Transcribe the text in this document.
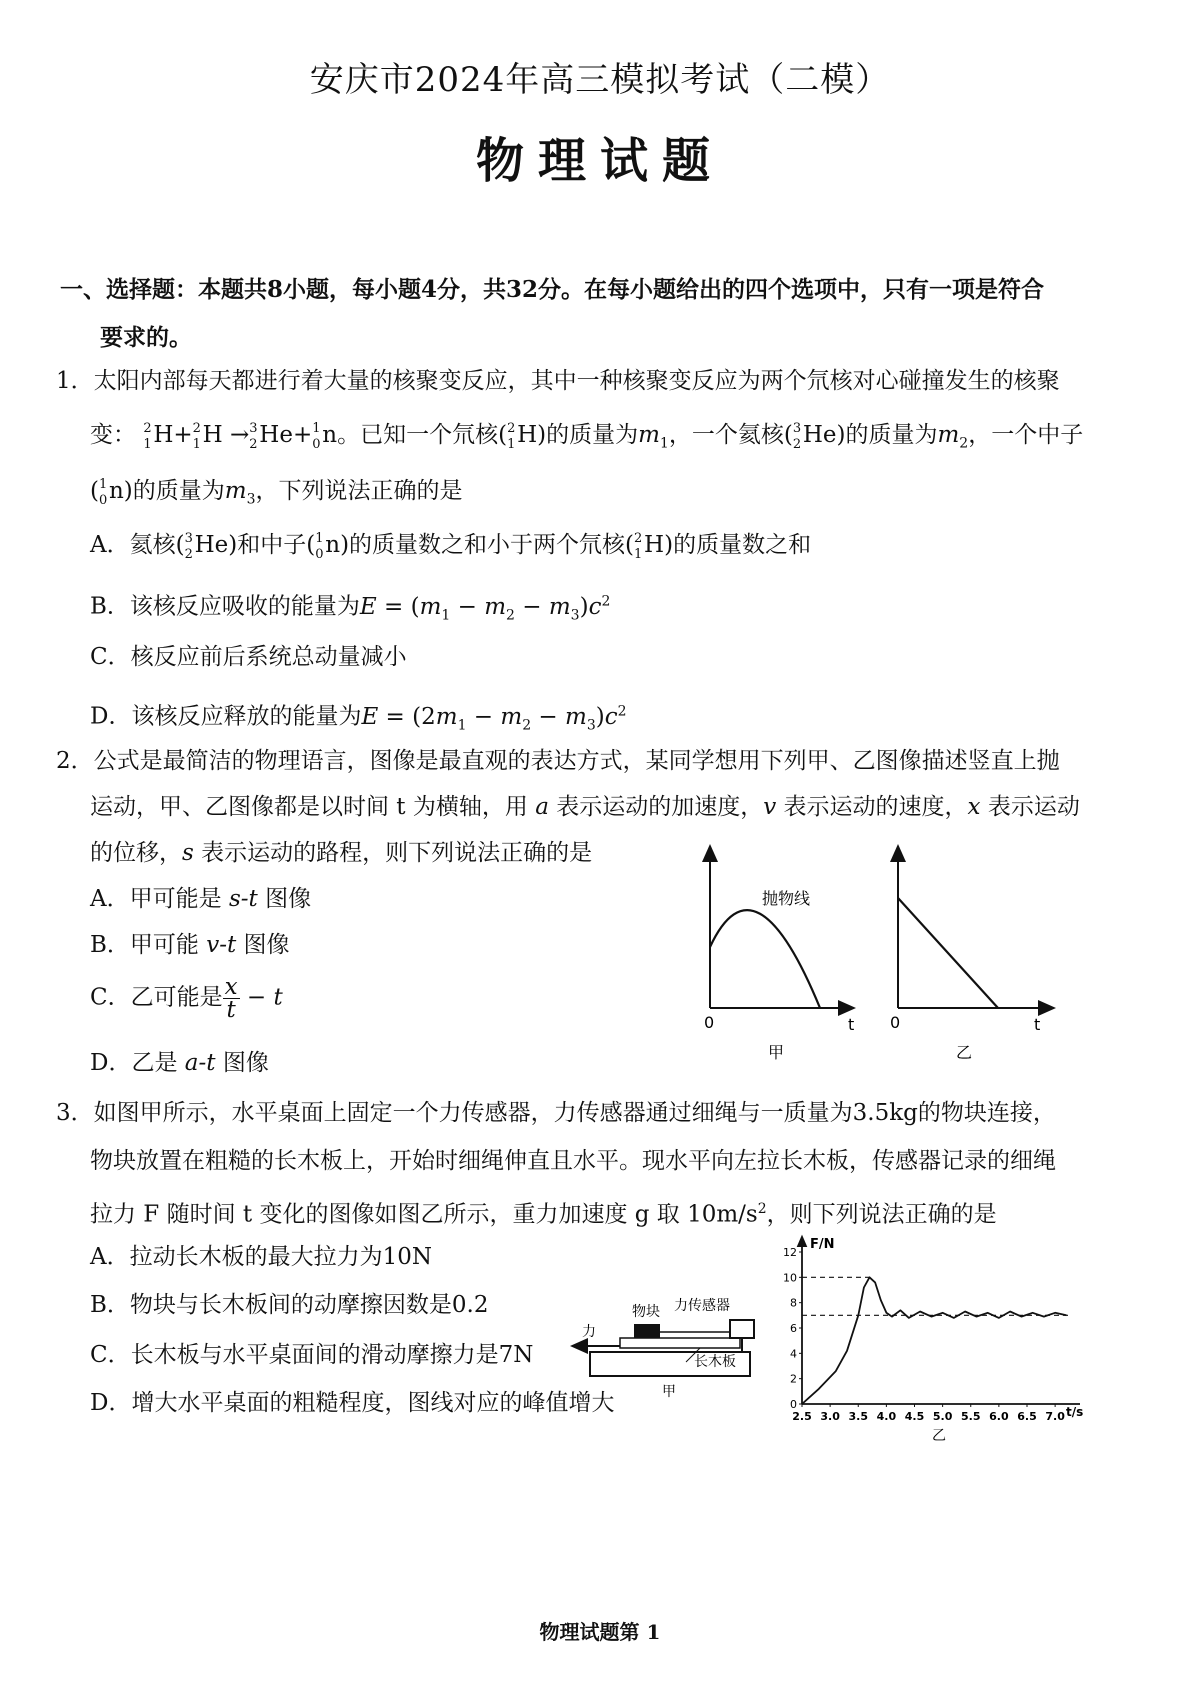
安庆市2024年高三模拟考试（二模）
物理试题
一、选择题：本题共8小题，每小题4分，共32分。在每小题给出的四个选项中，只有一项是符合
要求的。
1．太阳内部每天都进行着大量的核聚变反应，其中一种核聚变反应为两个氘核对心碰撞发生的核聚
变： 2
1 H+ 2
1 H → 3
2 He+ 1
0 n。已知一个氘核( 2
1 H)的质量为$m_1$，一个氦核( 3
2 He)的质量为$m_2$，一个中子
( 1
0 n)的质量为$m_3$，下列说法正确的是
A．氦核( 3
2 He)和中子( 1
0 n)的质量数之和小于两个氘核( 2
1 H)的质量数之和
B．该核反应吸收的能量为$E = (m_1 - m_2 - m_3)c^2$
C．核反应前后系统总动量减小
D．该核反应释放的能量为$E = (2m_1 - m_2 - m_3)c^2$
2．公式是最简洁的物理语言，图像是最直观的表达方式，某同学想用下列甲、乙图像描述竖直上抛
运动，甲、乙图像都是以时间 t 为横轴，用 a 表示运动的加速度，v 表示运动的速度，x 表示运动
的位移，s 表示运动的路程，则下列说法正确的是
A．甲可能是 s-t 图像
B．甲可能 v-t 图像
C．乙可能是 $\frac{x}{t} - t$
D．乙是 a-t 图像
抛物线
0	t
甲
0	t
乙
3．如图甲所示，水平桌面上固定一个力传感器，力传感器通过细绳与一质量为3.5kg的物块连接，
物块放置在粗糙的长木板上，开始时细绳伸直且水平。现水平向左拉长木板，传感器记录的细绳
拉力 F 随时间 t 变化的图像如图乙所示，重力加速度 g 取 $10m/s^2$，则下列说法正确的是
A．拉动长木板的最大拉力为10N
B．物块与长木板间的动摩擦因数是0.2
C．长木板与水平桌面间的滑动摩擦力是7N
D．增大水平桌面的粗糙程度，图线对应的峰值增大
物块 力传感器
力
长木板
甲
0
2
4
6
8
10
12
2.5 3.0 3.5 4.0 4.5 5.0 5.5 6.0 6.5 7.0
F/N
t/s
乙
物理试题第 1
